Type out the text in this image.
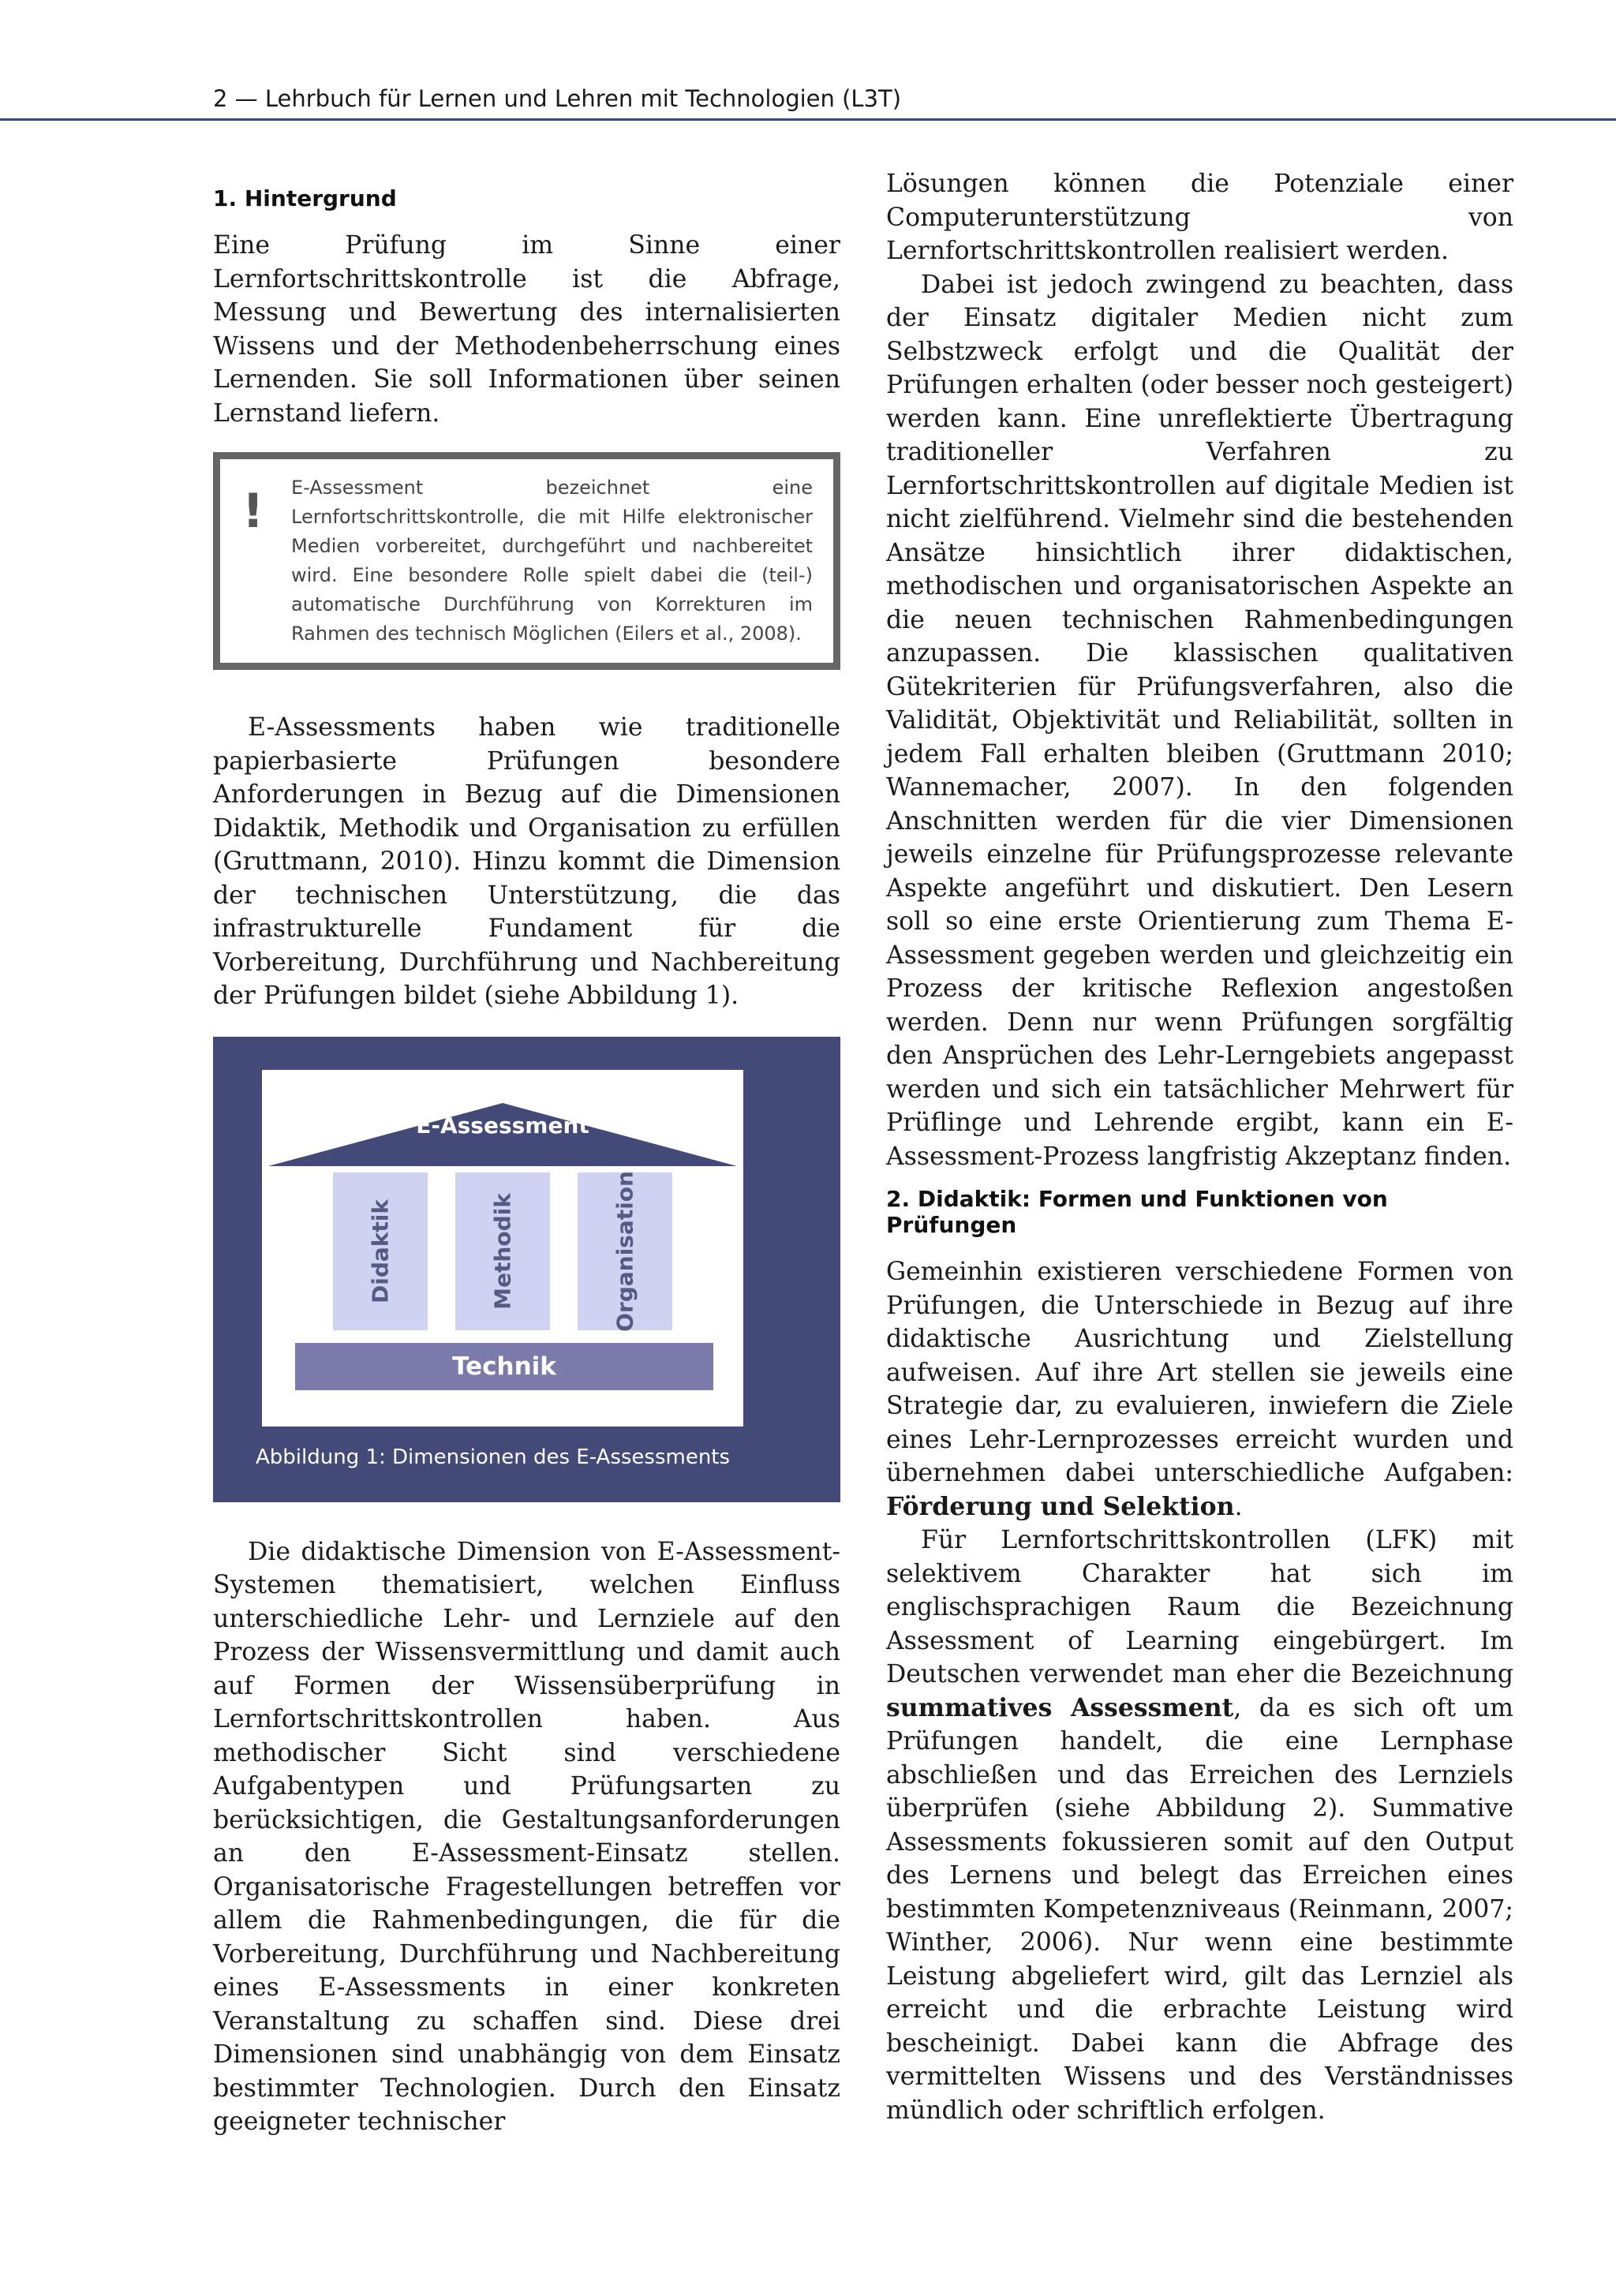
2 — Lehrbuch für Lernen und Lehren mit Technologien (L3T)
1. Hintergrund

Eine Prüfung im Sinne einer Lernfortschrittskontrolle ist die Abfrage, Messung und Bewertung des internalisierten Wissens und der Methodenbeherrschung eines Lernenden. Sie soll Informationen über seinen Lernstand liefern.

!	E-Assessment bezeichnet eine Lernfortschrittskontrolle, die mit Hilfe elektronischer Medien vorbereitet, durchgeführt und nachbereitet wird. Eine besondere Rolle spielt dabei die (teil-) automatische Durchführung von Korrekturen im Rahmen des technisch Möglichen (Eilers et al., 2008).

E-Assessments haben wie traditionelle papierbasierte Prüfungen besondere Anforderungen in Bezug auf die Dimensionen Didaktik, Methodik und Organisation zu erfüllen (Gruttmann, 2010). Hinzu kommt die Dimension der technischen Unterstützung, die das infrastrukturelle Fundament für die Vorbereitung, Durchführung und Nachbereitung der Prüfungen bildet (siehe Abbildung 1).

E-Assessment
Didaktik	Methodik	Organisation
Technik
Abbildung 1: Dimensionen des E-Assessments

Die didaktische Dimension von E-Assessment-Systemen thematisiert, welchen Einfluss unterschiedliche Lehr- und Lernziele auf den Prozess der Wissensvermittlung und damit auch auf Formen der Wissensüberprüfung in Lernfortschrittskontrollen haben. Aus methodischer Sicht sind verschiedene Aufgabentypen und Prüfungsarten zu berücksichtigen, die Gestaltungsanforderungen an den E-Assessment-Einsatz stellen. Organisatorische Fragestellungen betreffen vor allem die Rahmenbedingungen, die für die Vorbereitung, Durchführung und Nachbereitung eines E-Assessments in einer konkreten Veranstaltung zu schaffen sind. Diese drei Dimensionen sind unabhängig von dem Einsatz bestimmter Technologien. Durch den Einsatz geeigneter technischer

Lösungen können die Potenziale einer Computerunterstützung von Lernfortschrittskontrollen realisiert werden.

Dabei ist jedoch zwingend zu beachten, dass der Einsatz digitaler Medien nicht zum Selbstzweck erfolgt und die Qualität der Prüfungen erhalten (oder besser noch gesteigert) werden kann. Eine unreflektierte Übertragung traditioneller Verfahren zu Lernfortschrittskontrollen auf digitale Medien ist nicht zielführend. Vielmehr sind die bestehenden Ansätze hinsichtlich ihrer didaktischen, methodischen und organisatorischen Aspekte an die neuen technischen Rahmenbedingungen anzupassen. Die klassischen qualitativen Gütekriterien für Prüfungsverfahren, also die Validität, Objektivität und Reliabilität, sollten in jedem Fall erhalten bleiben (Gruttmann 2010; Wannemacher, 2007). In den folgenden Anschnitten werden für die vier Dimensionen jeweils einzelne für Prüfungsprozesse relevante Aspekte angeführt und diskutiert. Den Lesern soll so eine erste Orientierung zum Thema E-Assessment gegeben werden und gleichzeitig ein Prozess der kritische Reflexion angestoßen werden. Denn nur wenn Prüfungen sorgfältig den Ansprüchen des Lehr-Lerngebiets angepasst werden und sich ein tatsächlicher Mehrwert für Prüflinge und Lehrende ergibt, kann ein E-Assessment-Prozess langfristig Akzeptanz finden.

2. Didaktik: Formen und Funktionen von Prüfungen

Gemeinhin existieren verschiedene Formen von Prüfungen, die Unterschiede in Bezug auf ihre didaktische Ausrichtung und Zielstellung aufweisen. Auf ihre Art stellen sie jeweils eine Strategie dar, zu evaluieren, inwiefern die Ziele eines Lehr-Lernprozesses erreicht wurden und übernehmen dabei unterschiedliche Aufgaben: Förderung und Selektion.

Für Lernfortschrittskontrollen (LFK) mit selektivem Charakter hat sich im englischsprachigen Raum die Bezeichnung Assessment of Learning eingebürgert. Im Deutschen verwendet man eher die Bezeichnung summatives Assessment, da es sich oft um Prüfungen handelt, die eine Lernphase abschließen und das Erreichen des Lernziels überprüfen (siehe Abbildung 2). Summative Assessments fokussieren somit auf den Output des Lernens und belegt das Erreichen eines bestimmten Kompetenzniveaus (Reinmann, 2007; Winther, 2006). Nur wenn eine bestimmte Leistung abgeliefert wird, gilt das Lernziel als erreicht und die erbrachte Leistung wird bescheinigt. Dabei kann die Abfrage des vermittelten Wissens und des Verständnisses mündlich oder schriftlich erfolgen.
